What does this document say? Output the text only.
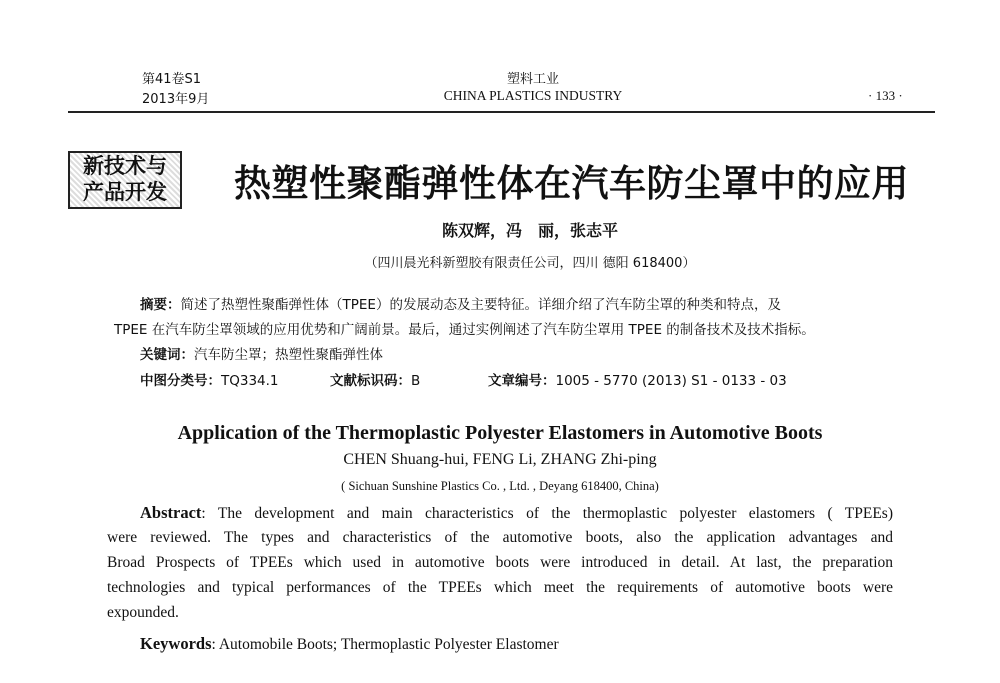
第41卷S1
2013年9月
塑料工业
CHINA PLASTICS INDUSTRY	· 133 ·
新技术与
产品开发	热塑性聚酯弹性体在汽车防尘罩中的应用
陈双辉，冯　丽，张志平
（四川晨光科新塑胶有限责任公司，四川 德阳 618400）
摘要：简述了热塑性聚酯弹性体（TPEE）的发展动态及主要特征。详细介绍了汽车防尘罩的种类和特点，及
TPEE 在汽车防尘罩领域的应用优势和广阔前景。最后，通过实例阐述了汽车防尘罩用 TPEE 的制备技术及技术指标。
关键词：汽车防尘罩；热塑性聚酯弹性体
中图分类号：TQ334.1	文献标识码：B	文章编号：1005 - 5770 (2013) S1 - 0133 - 03
Application of the Thermoplastic Polyester Elastomers in Automotive Boots
CHEN Shuang-hui, FENG Li, ZHANG Zhi-ping
( Sichuan Sunshine Plastics Co. , Ltd. , Deyang 618400, China)
Abstract: The development and main characteristics of the thermoplastic polyester elastomers ( TPEEs)
were reviewed. The types and characteristics of the automotive boots, also the application advantages and
Broad Prospects of TPEEs which used in automotive boots were introduced in detail. At last, the preparation
technologies and typical performances of the TPEEs which meet the requirements of automotive boots were
expounded.
Keywords: Automobile Boots; Thermoplastic Polyester Elastomer
